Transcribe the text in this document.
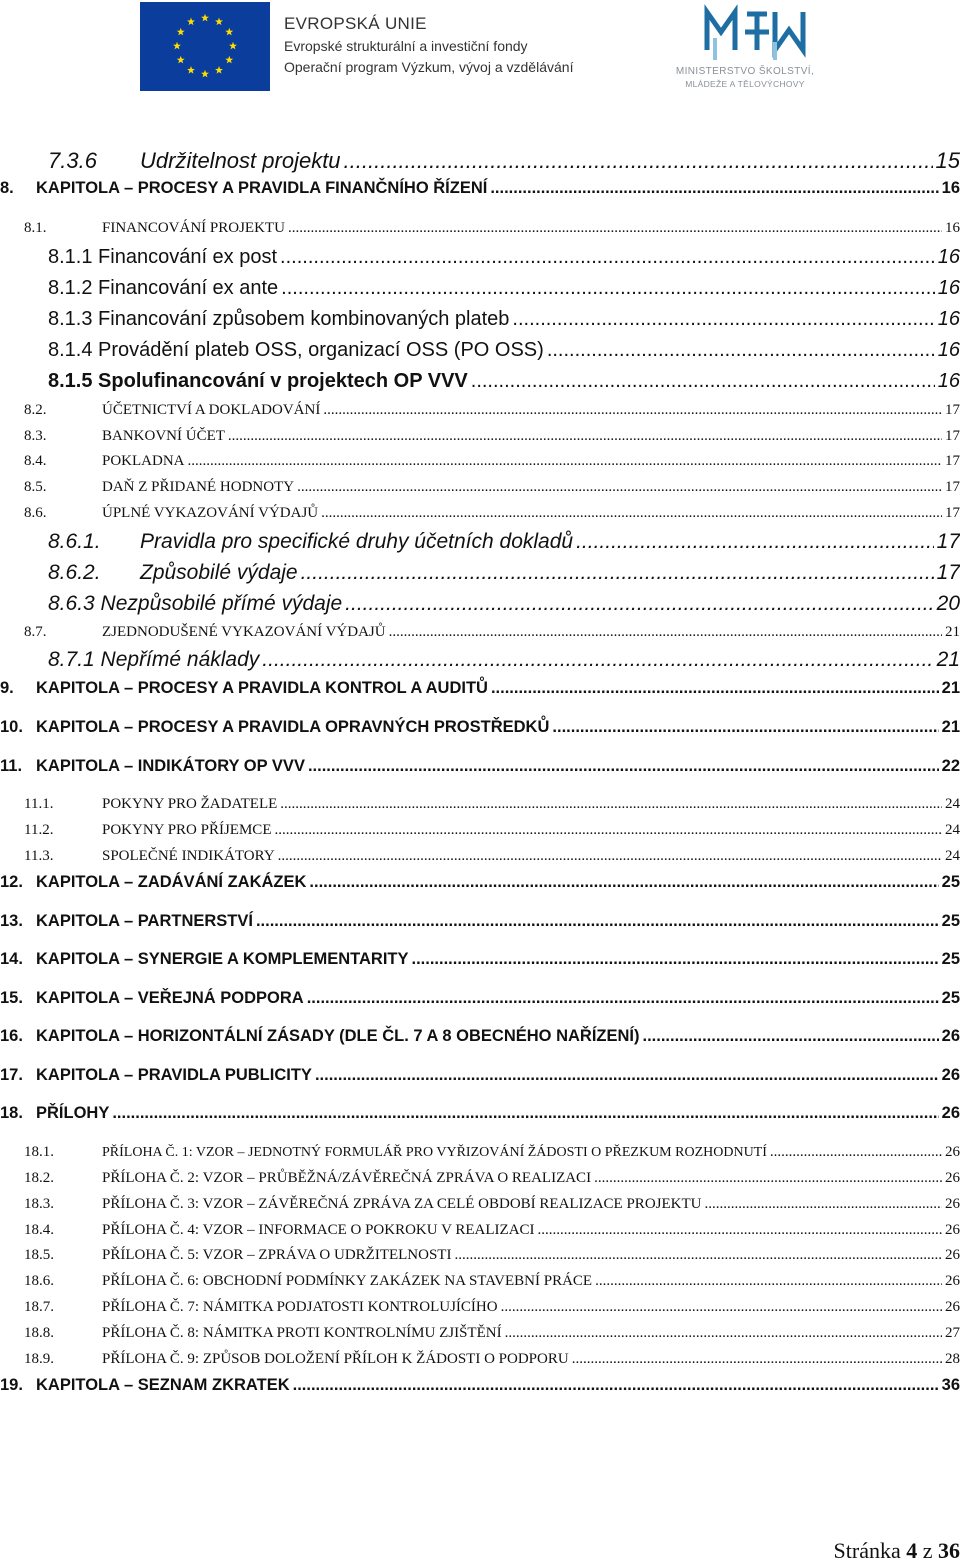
EVROPSKÁ UNIE
Evropské strukturální a investiční fondy
Operační program Výzkum, vývoj a vzdělávání	MINISTERSTVO ŠKOLSTVÍ,
MLÁDEŽE A TĚLOVÝCHOVY
7.3.6	Udržitelnost projektu .....	15
8.	KAPITOLA – PROCESY A PRAVIDLA FINANČNÍHO ŘÍZENÍ .....	16
8.1.	FINANCOVÁNÍ PROJEKTU .....	16
8.1.1 Financování ex post .....	16
8.1.2 Financování ex ante .....	16
8.1.3 Financování způsobem kombinovaných plateb .....	16
8.1.4 Provádění plateb OSS, organizací OSS (PO OSS) .....	16
8.1.5 Spolufinancování v projektech OP VVV .....	16
8.2.	ÚČETNICTVÍ A DOKLADOVÁNÍ .....	17
8.3.	BANKOVNÍ ÚČET .....	17
8.4.	POKLADNA .....	17
8.5.	DAŇ Z PŘIDANÉ HODNOTY .....	17
8.6.	ÚPLNÉ VYKAZOVÁNÍ VÝDAJŮ .....	17
8.6.1.	Pravidla pro specifické druhy účetních dokladů .....	17
8.6.2.	Způsobilé výdaje .....	17
8.6.3 Nezpůsobilé přímé výdaje .....	20
8.7.	ZJEDNODUŠENÉ VYKAZOVÁNÍ VÝDAJŮ .....	21
8.7.1 Nepřímé náklady .....	21
9.	KAPITOLA – PROCESY A PRAVIDLA KONTROL A AUDITŮ .....	21
10. KAPITOLA – PROCESY A PRAVIDLA OPRAVNÝCH PROSTŘEDKŮ .....	21
11. KAPITOLA – INDIKÁTORY OP VVV .....	22
11.1.	POKYNY PRO ŽADATELE .....	24
11.2.	POKYNY PRO PŘÍJEMCE .....	24
11.3.	SPOLEČNÉ INDIKÁTORY .....	24
12. KAPITOLA – ZADÁVÁNÍ ZAKÁZEK .....	25
13. KAPITOLA – PARTNERSTVÍ .....	25
14. KAPITOLA – SYNERGIE A KOMPLEMENTARITY .....	25
15. KAPITOLA – VEŘEJNÁ PODPORA .....	25
16. KAPITOLA – HORIZONTÁLNÍ ZÁSADY (DLE ČL. 7 A 8 OBECNÉHO NAŘÍZENÍ) .....	26
17. KAPITOLA – PRAVIDLA PUBLICITY .....	26
18. PŘÍLOHY .....	26
18.1.	PŘÍLOHA Č. 1: VZOR – JEDNOTNÝ FORMULÁŘ PRO VYŘIZOVÁNÍ ŽÁDOSTI O PŘEZKUM ROZHODNUTÍ .....	26
18.2.	PŘÍLOHA Č. 2: VZOR – PRŮBĚŽNÁ/ZÁVĚREČNÁ ZPRÁVA O REALIZACI .....	26
18.3.	PŘÍLOHA Č. 3: VZOR – ZÁVĚREČNÁ ZPRÁVA ZA CELÉ OBDOBÍ REALIZACE PROJEKTU .....	26
18.4.	PŘÍLOHA Č. 4: VZOR – INFORMACE O POKROKU V REALIZACI .....	26
18.5.	PŘÍLOHA Č. 5: VZOR – ZPRÁVA O UDRŽITELNOSTI .....	26
18.6.	PŘÍLOHA Č. 6: OBCHODNÍ PODMÍNKY ZAKÁZEK NA STAVEBNÍ PRÁCE .....	26
18.7.	PŘÍLOHA Č. 7: NÁMITKA PODJATOSTI KONTROLUJÍCÍHO .....	26
18.8.	PŘÍLOHA Č. 8: NÁMITKA PROTI KONTROLNÍMU ZJIŠTĚNÍ .....	27
18.9.	PŘÍLOHA Č. 9: ZPŮSOB DOLOŽENÍ PŘÍLOH K ŽÁDOSTI O PODPORU .....	28
19. KAPITOLA – SEZNAM ZKRATEK .....	36
Stránka 4 z 36
